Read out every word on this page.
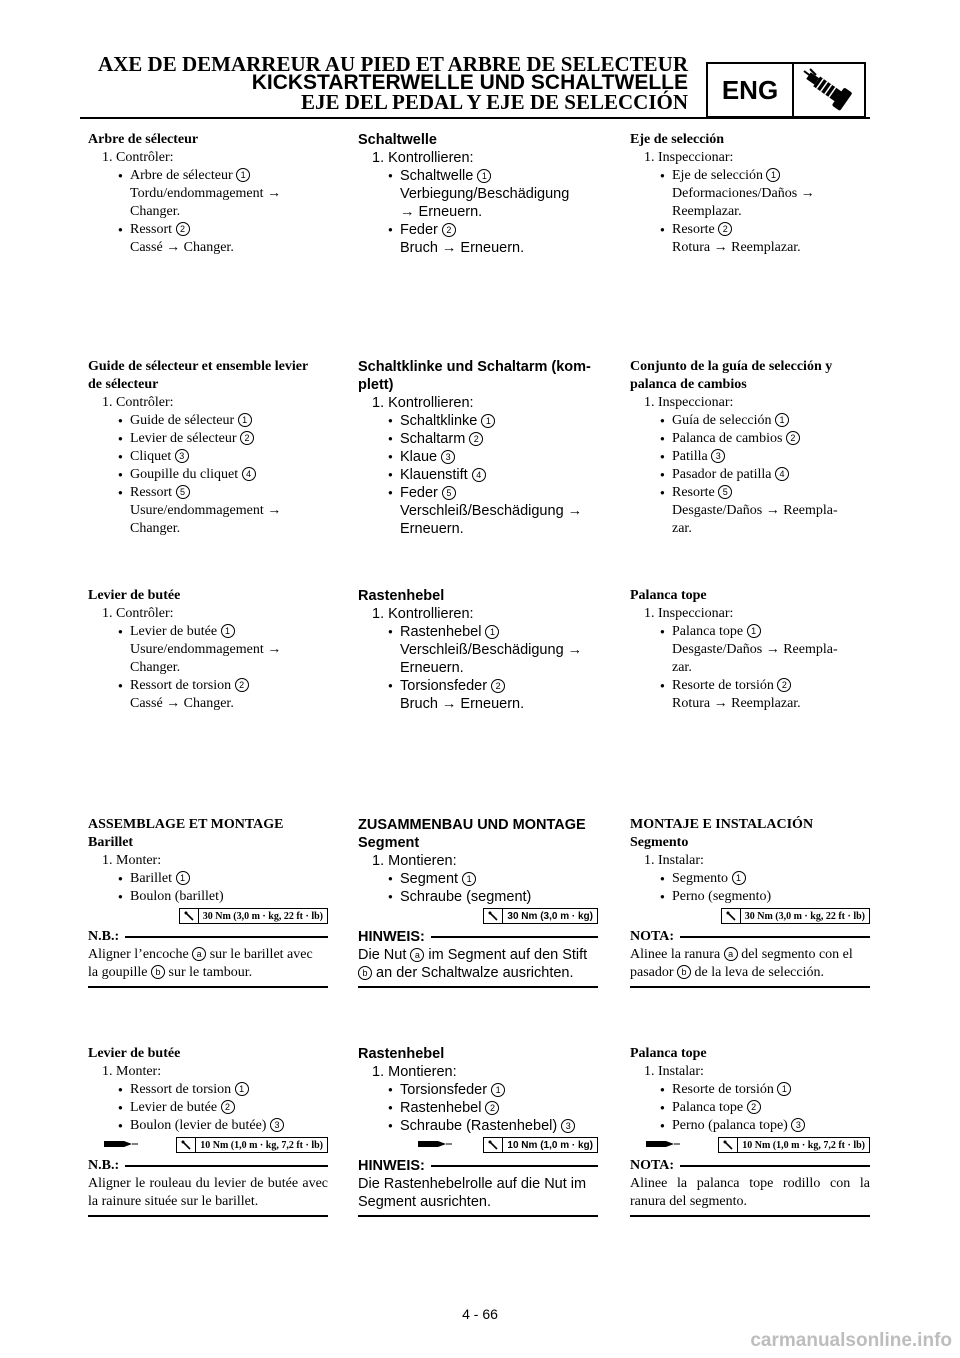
AXE DE DEMARREUR AU PIED ET ARBRE DE SELECTEUR
KICKSTARTERWELLE UND SCHALTWELLE
EJE DEL PEDAL Y EJE DE SELECCIÓN	ENG
Arbre de sélecteur
1. Contrôler:
● Arbre de sélecteur 1
Tordu/endommagement →
Changer.
● Ressort 2
Cassé → Changer.
Guide de sélecteur et ensemble levier
de sélecteur
1. Contrôler:
● Guide de sélecteur 1
● Levier de sélecteur 2
● Cliquet 3
● Goupille du cliquet 4
● Ressort 5
Usure/endommagement →
Changer.
Levier de butée
1. Contrôler:
● Levier de butée 1
Usure/endommagement →
Changer.
● Ressort de torsion 2
Cassé → Changer.
ASSEMBLAGE ET MONTAGE
Barillet
1. Monter:
● Barillet 1
● Boulon (barillet)
30 Nm (3,0 m · kg, 22 ft · lb)
N.B.:
Aligner l’encoche a sur le barillet avec
la goupille b sur le tambour.
Levier de butée
1. Monter:
● Ressort de torsion 1
● Levier de butée 2
● Boulon (levier de butée) 3
10 Nm (1,0 m · kg, 7,2 ft · lb)
N.B.:
Aligner le rouleau du levier de butée avec la rainure située sur le barillet.
Schaltwelle
1. Kontrollieren:
● Schaltwelle 1
Verbiegung/Beschädigung
→ Erneuern.
● Feder 2
Bruch → Erneuern.
Schaltklinke und Schaltarm (kom-
plett)
1. Kontrollieren:
● Schaltklinke 1
● Schaltarm 2
● Klaue 3
● Klauenstift 4
● Feder 5
Verschleiß/Beschädigung →
Erneuern.
Rastenhebel
1. Kontrollieren:
● Rastenhebel 1
Verschleiß/Beschädigung →
Erneuern.
● Torsionsfeder 2
Bruch → Erneuern.
ZUSAMMENBAU UND MONTAGE
Segment
1. Montieren:
● Segment 1
● Schraube (segment)
30 Nm (3,0 m · kg)
HINWEIS:
Die Nut a im Segment auf den Stift
b an der Schaltwalze ausrichten.
Rastenhebel
1. Montieren:
● Torsionsfeder 1
● Rastenhebel 2
● Schraube (Rastenhebel) 3
10 Nm (1,0 m · kg)
HINWEIS:
Die Rastenhebelrolle auf die Nut im Segment ausrichten.
Eje de selección
1. Inspeccionar:
● Eje de selección 1
Deformaciones/Daños →
Reemplazar.
● Resorte 2
Rotura → Reemplazar.
Conjunto de la guía de selección y
palanca de cambios
1. Inspeccionar:
● Guía de selección 1
● Palanca de cambios 2
● Patilla 3
● Pasador de patilla 4
● Resorte 5
Desgaste/Daños → Reempla-
zar.
Palanca tope
1. Inspeccionar:
● Palanca tope 1
Desgaste/Daños → Reempla-
zar.
● Resorte de torsión 2
Rotura → Reemplazar.
MONTAJE E INSTALACIÓN
Segmento
1. Instalar:
● Segmento 1
● Perno (segmento)
30 Nm (3,0 m · kg, 22 ft · lb)
NOTA:
Alinee la ranura a del segmento con el
pasador b de la leva de selección.
Palanca tope
1. Instalar:
● Resorte de torsión 1
● Palanca tope 2
● Perno (palanca tope) 3
10 Nm (1,0 m · kg, 7,2 ft · lb)
NOTA:
Alinee la palanca tope rodillo con la ranura del segmento.
4 - 66
carmanualsonline.info
